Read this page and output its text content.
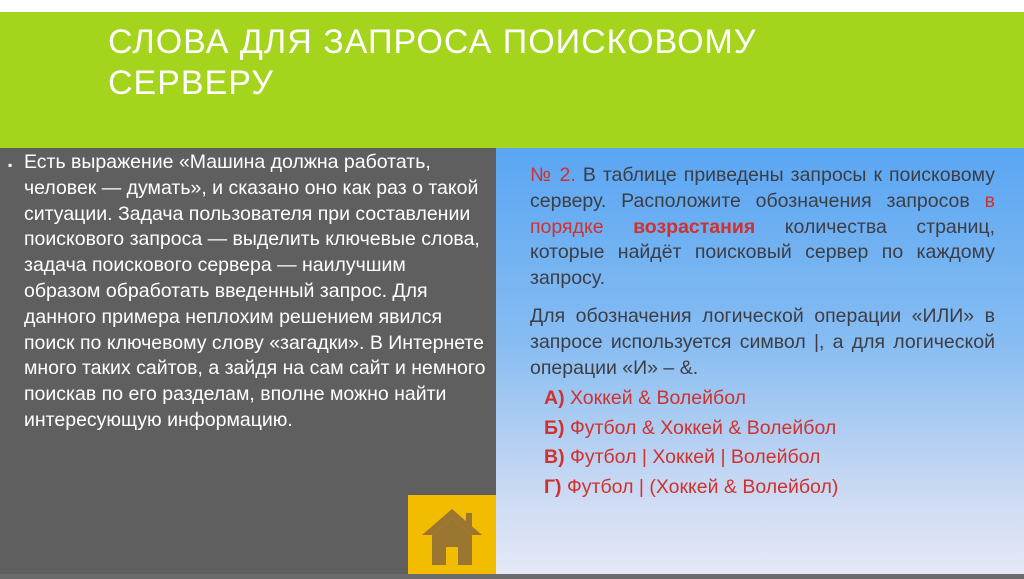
СЛОВА ДЛЯ ЗАПРОСА ПОИСКОВОМУ СЕРВЕРУ
▪ Есть выражение «Машина должна работать, человек — думать», и сказано оно как раз о такой ситуации. Задача пользователя при составлении поискового запроса — выделить ключевые слова, задача поискового сервера — наилучшим образом обработать введенный запрос. Для данного примера неплохим решением явился поиск по ключевому слову «загадки». В Интернете много таких сайтов, а зайдя на сам сайт и немного поискав по его разделам, вполне можно найти интересующую информацию.

№ 2. В таблице приведены запросы к поисковому серверу. Расположите обозначения запросов в порядке возрастания количества страниц, которые найдёт поисковый сервер по каждому запросу.

Для обозначения логической операции «ИЛИ» в запросе используется символ |, а для логической операции «И» – &.

А) Хоккей & Волейбол
Б) Футбол & Хоккей & Волейбол
В) Футбол | Хоккей | Волейбол
Г) Футбол | (Хоккей & Волейбол)
